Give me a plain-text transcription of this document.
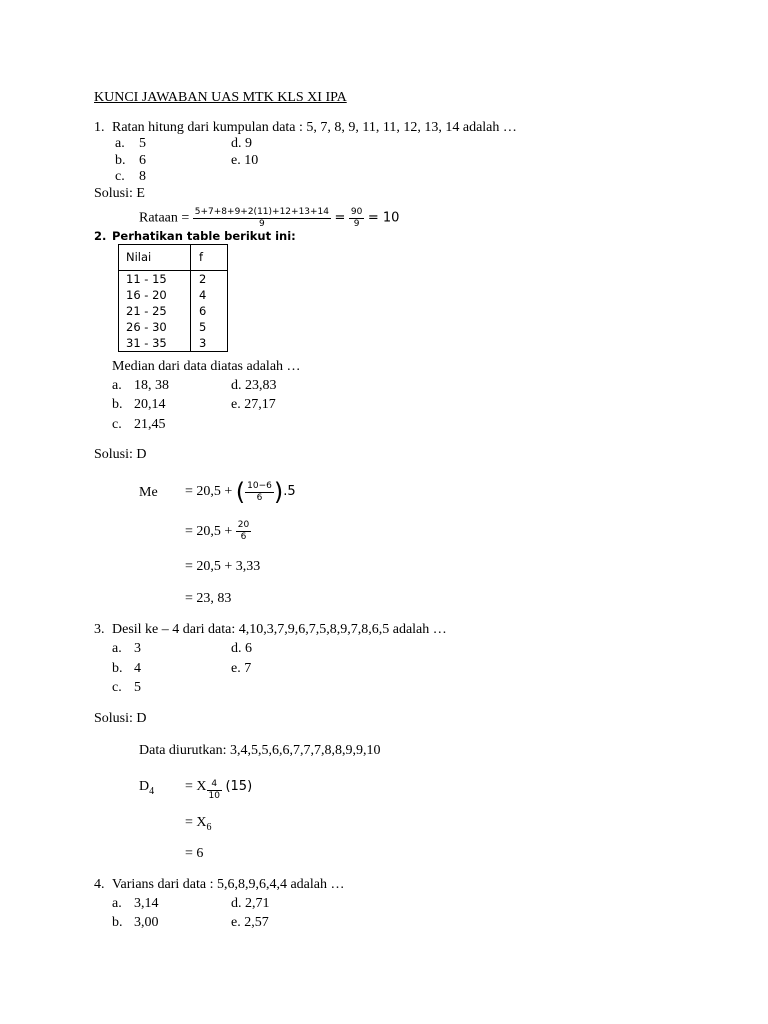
KUNCI JAWABAN UAS MTK KLS XI IPA
1. Ratan hitung dari kumpulan data : 5, 7, 8, 9, 11, 11, 12, 13, 14 adalah …
a. 5
b. 6
c. 8
d. 9
e. 10
Solusi: E
Rataan = $\frac{5+7+8+9+2(11)+12+13+14}{9} = \frac{90}{9} = 10$
2. Perhatikan table berikut ini:
Nilai	f
11 - 15	2
16 - 20	4
21 - 25	6
26 - 30	5
31 - 35	3
Median dari data diatas adalah …
a. 18, 38
b. 20,14
c. 21,45
d. 23,83
e. 27,17
Solusi: D
Me = 20,5 + ( $\frac{10-6}{6} ).5$
= $20,5 + \frac{20}{6}$
= 20,5 + 3,33
= 23, 83
3. Desil ke – 4 dari data: 4,10,3,7,9,6,7,5,8,9,7,8,6,5 adalah …
a. 3
b. 4
c. 5
d. 6
e. 7
Solusi: D
Data diurutkan: 3,4,5,5,6,6,7,7,7,8,8,9,9,10
$D_4 = X \frac{4}{10} (15)$
= $X_6$
= 6
4. Varians dari data : 5,6,8,9,6,4,4 adalah …
a. 3,14
b. 3,00
d. 2,71
e. 2,57
